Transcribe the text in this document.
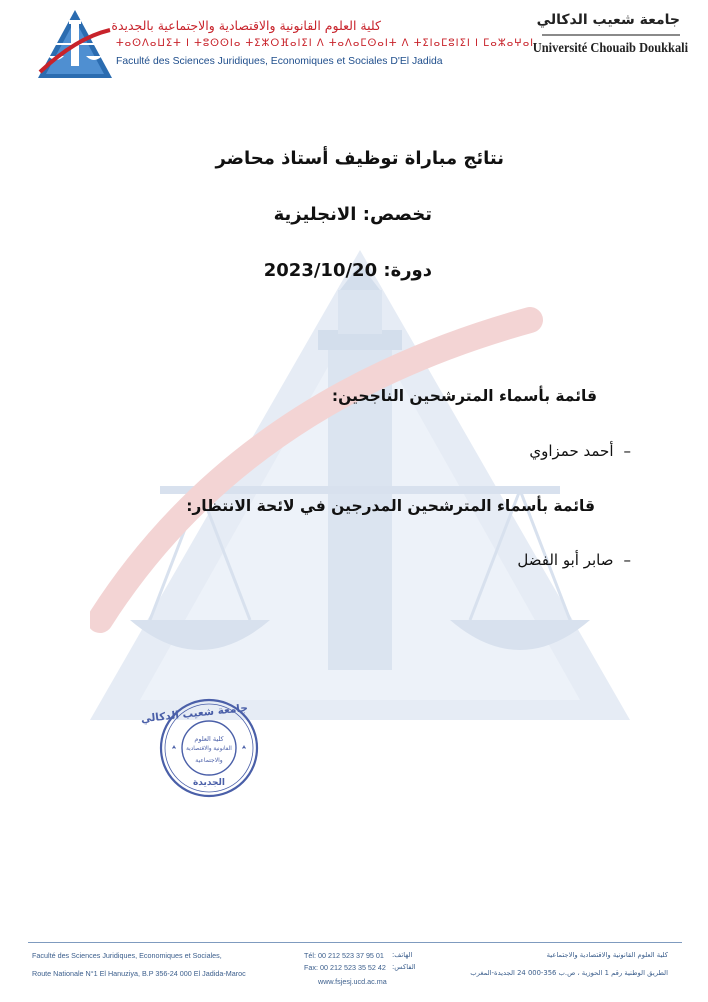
كلية العلوم القانونية والاقتصادية والاجتماعية بالجديدة
ⵜⴰⵙⴷⴰⵡⵉⵜ ⵏ ⵜⵓⵙⵙⵏⴰ ⵜⵉⵣⵔⴼⴰⵏⵉⵏ ⴷ ⵜⴰⴷⴰⵎⵙⴰⵏⵜ ⴷ ⵜⵉⵏⴰⵎⵓⵏⵉⵏ ⵏ ⵎⴰⵣⴰⵖⴰⵏ
Faculté des Sciences Juridiques, Economiques et Sociales D'El Jadida
جامعة شعيب الدكالي
Université Chouaib Doukkali
نتائج مباراة توظيف أستاذ محاضر
تخصص: الانجليزية
دورة: 2023/10/20
قائمة بأسماء المترشحين الناجحين:
–
أحمد حمزاوي
قائمة بأسماء المترشحين المدرجين في لائحة الانتظار:
–
صابر أبو الفضل
جامعة شعيب الدكالي
كلية العلوم
القانونية والاقتصادية
والاجتماعية
الجديدة
Faculté des Sciences Juridiques, Economiques et Sociales,
Route Nationale N°1 El Hanuziya, B.P 356-24 000 El Jadida-Maroc
Tél: 00 212 523 37 95 01 الهاتف:
Fax: 00 212 523 35 52 42 الفاكس:
www.fsjesj.ucd.ac.ma
كلية العلوم القانونية والاقتصادية والاجتماعية
الطريق الوطنية رقم 1 الحوزية ، ص.ب 356-000 24 الجديدة-المغرب
